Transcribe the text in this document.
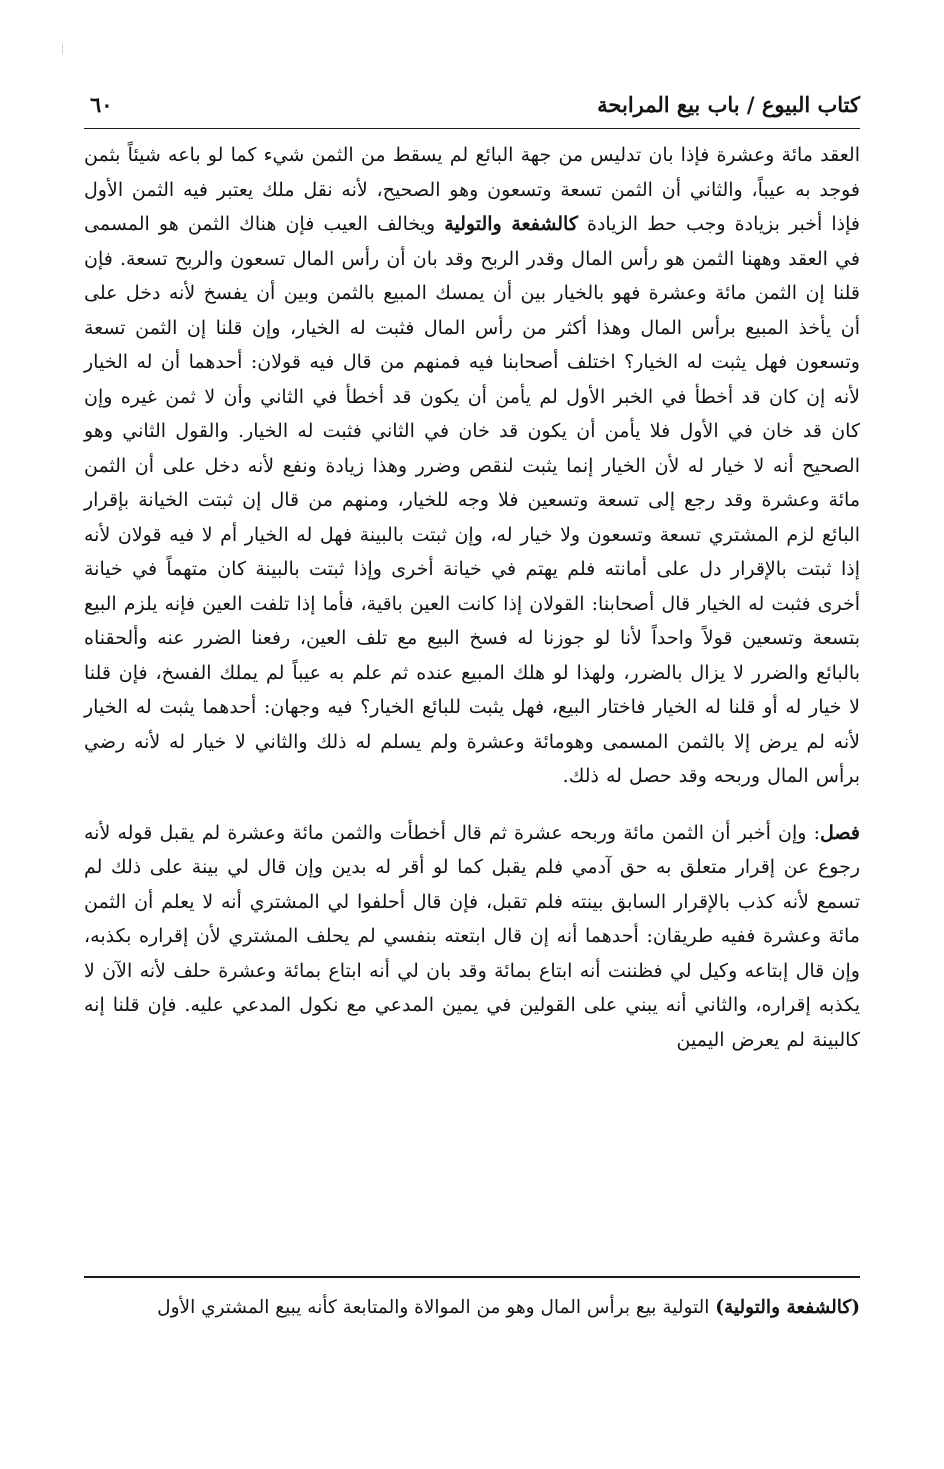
كتاب البيوع / باب بيع المرابحة
٦٠

العقد مائة وعشرة فإذا بان تدليس من جهة البائع لم يسقط من الثمن شيء كما لو باعه شيئاً بثمن فوجد به عيباً، والثاني أن الثمن تسعة وتسعون وهو الصحيح، لأنه نقل ملك يعتبر فيه الثمن الأول فإذا أخبر بزيادة وجب حط الزيادة كالشفعة والتولية ويخالف العيب فإن هناك الثمن هو المسمى في العقد وههنا الثمن هو رأس المال وقدر الربح وقد بان أن رأس المال تسعون والربح تسعة. فإن قلنا إن الثمن مائة وعشرة فهو بالخيار بين أن يمسك المبيع بالثمن وبين أن يفسخ لأنه دخل على أن يأخذ المبيع برأس المال وهذا أكثر من رأس المال فثبت له الخيار، وإن قلنا إن الثمن تسعة وتسعون فهل يثبت له الخيار؟ اختلف أصحابنا فيه فمنهم من قال فيه قولان: أحدهما أن له الخيار لأنه إن كان قد أخطأ في الخبر الأول لم يأمن أن يكون قد أخطأ في الثاني وأن لا ثمن غيره وإن كان قد خان في الأول فلا يأمن أن يكون قد خان في الثاني فثبت له الخيار. والقول الثاني وهو الصحيح أنه لا خيار له لأن الخيار إنما يثبت لنقص وضرر وهذا زيادة ونفع لأنه دخل على أن الثمن مائة وعشرة وقد رجع إلى تسعة وتسعين فلا وجه للخيار، ومنهم من قال إن ثبتت الخيانة بإقرار البائع لزم المشتري تسعة وتسعون ولا خيار له، وإن ثبتت بالبينة فهل له الخيار أم لا فيه قولان لأنه إذا ثبتت بالإقرار دل على أمانته فلم يهتم في خيانة أخرى وإذا ثبتت بالبينة كان متهماً في خيانة أخرى فثبت له الخيار قال أصحابنا: القولان إذا كانت العين باقية، فأما إذا تلفت العين فإنه يلزم البيع بتسعة وتسعين قولاً واحداً لأنا لو جوزنا له فسخ البيع مع تلف العين، رفعنا الضرر عنه وألحقناه بالبائع والضرر لا يزال بالضرر، ولهذا لو هلك المبيع عنده ثم علم به عيباً لم يملك الفسخ، فإن قلنا لا خيار له أو قلنا له الخيار فاختار البيع، فهل يثبت للبائع الخيار؟ فيه وجهان: أحدهما يثبت له الخيار لأنه لم يرض إلا بالثمن المسمى وهومائة وعشرة ولم يسلم له ذلك والثاني لا خيار له لأنه رضي برأس المال وربحه وقد حصل له ذلك.

فصل: وإن أخبر أن الثمن مائة وربحه عشرة ثم قال أخطأت والثمن مائة وعشرة لم يقبل قوله لأنه رجوع عن إقرار متعلق به حق آدمي فلم يقبل كما لو أقر له بدين وإن قال لي بينة على ذلك لم تسمع لأنه كذب بالإقرار السابق بينته فلم تقبل، فإن قال أحلفوا لي المشتري أنه لا يعلم أن الثمن مائة وعشرة ففيه طريقان: أحدهما أنه إن قال ابتعته بنفسي لم يحلف المشتري لأن إقراره بكذبه، وإن قال إبتاعه وكيل لي فظننت أنه ابتاع بمائة وقد بان لي أنه ابتاع بمائة وعشرة حلف لأنه الآن لا يكذبه إقراره، والثاني أنه يبني على القولين في يمين المدعي مع نكول المدعي عليه. فإن قلنا إنه كالبينة لم يعرض اليمين

(كالشفعة والتولية) التولية بيع برأس المال وهو من الموالاة والمتابعة كأنه يبيع المشتري الأول
